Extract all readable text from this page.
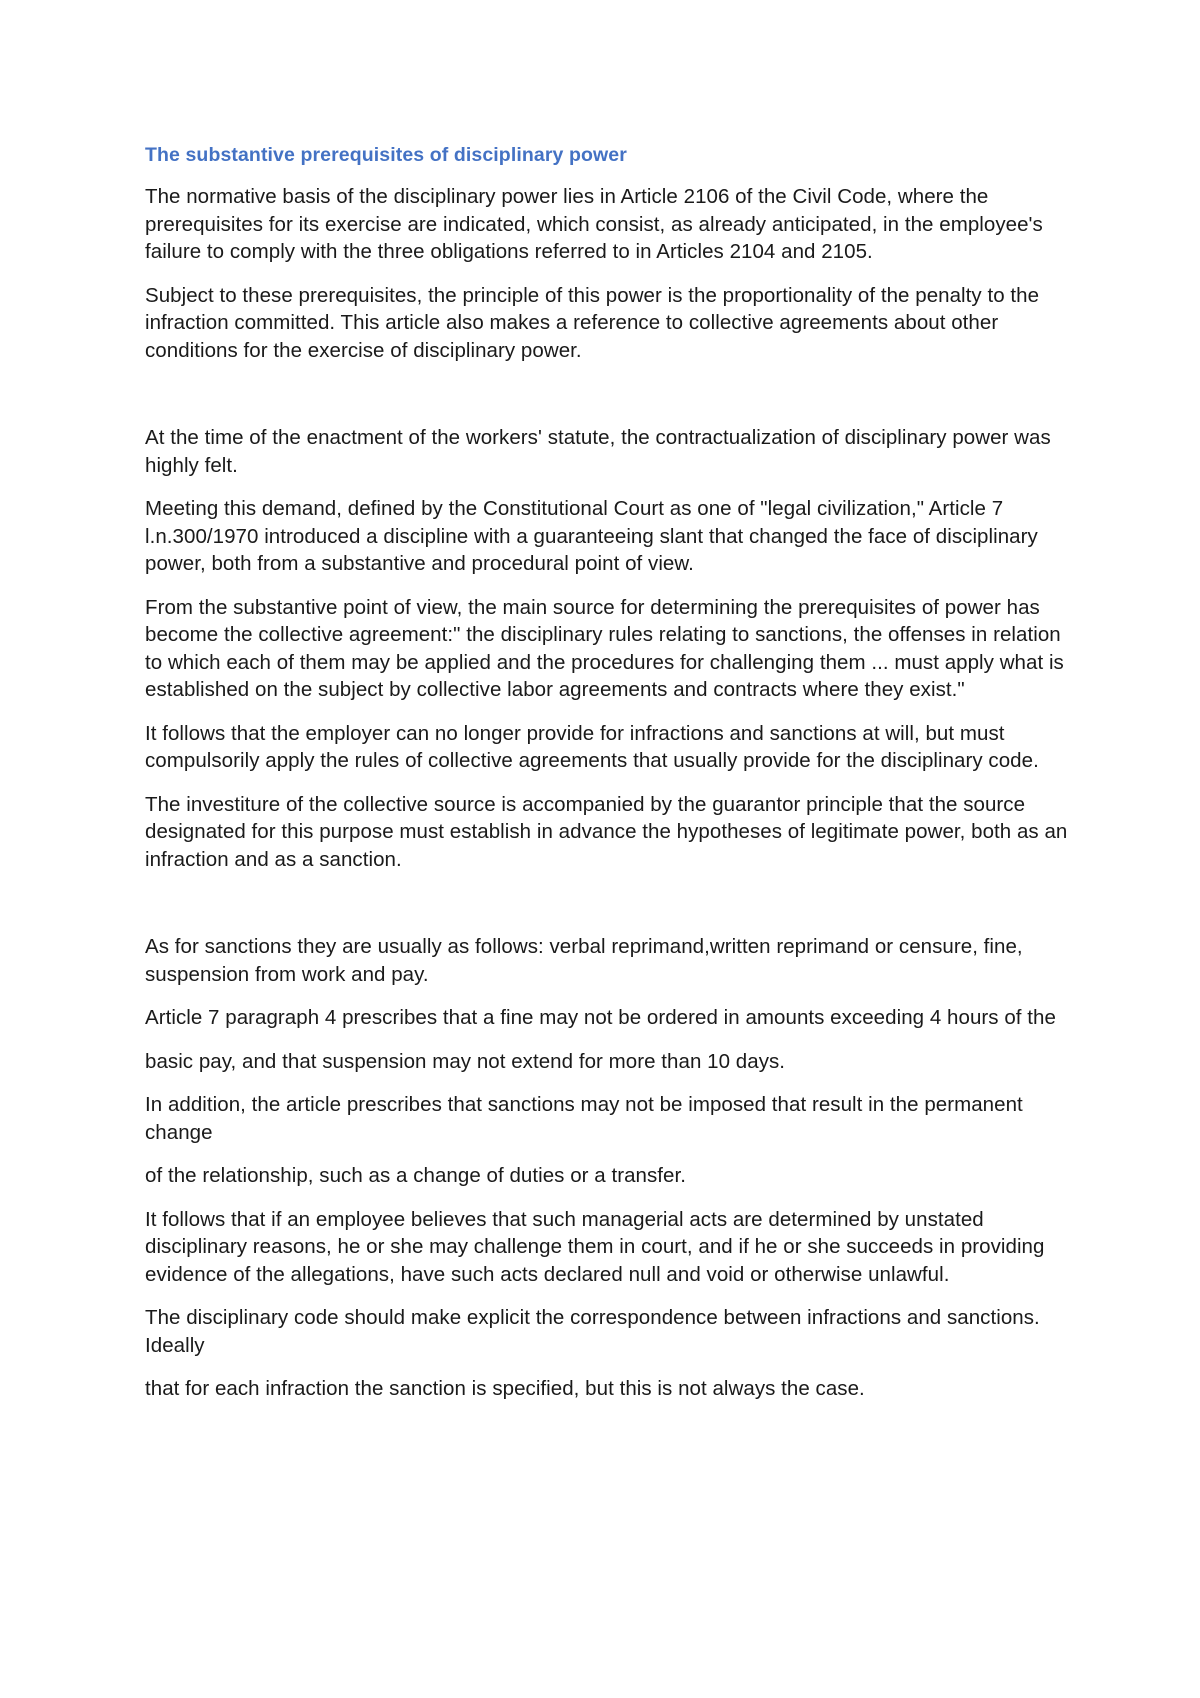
The substantive prerequisites of disciplinary power

The normative basis of the disciplinary power lies in Article 2106 of the Civil Code, where the prerequisites for its exercise are indicated, which consist, as already anticipated, in the employee's failure to comply with the three obligations referred to in Articles 2104 and 2105.

Subject to these prerequisites, the principle of this power is the proportionality of the penalty to the infraction committed. This article also makes a reference to collective agreements about other conditions for the exercise of disciplinary power.

At the time of the enactment of the workers' statute, the contractualization of disciplinary power was highly felt.

Meeting this demand, defined by the Constitutional Court as one of "legal civilization," Article 7 l.n.300/1970 introduced a discipline with a guaranteeing slant that changed the face of disciplinary power, both from a substantive and procedural point of view.

From the substantive point of view, the main source for determining the prerequisites of power has become the collective agreement:" the disciplinary rules relating to sanctions, the offenses in relation to which each of them may be applied and the procedures for challenging them ... must apply what is established on the subject by collective labor agreements and contracts where they exist."

It follows that the employer can no longer provide for infractions and sanctions at will, but must compulsorily apply the rules of collective agreements that usually provide for the disciplinary code.

The investiture of the collective source is accompanied by the guarantor principle that the source designated for this purpose must establish in advance the hypotheses of legitimate power, both as an infraction and as a sanction.

As for sanctions they are usually as follows: verbal reprimand,written reprimand or censure, fine, suspension from work and pay.

Article 7 paragraph 4 prescribes that a fine may not be ordered in amounts exceeding 4 hours of the

basic pay, and that suspension may not extend for more than 10 days.

In addition, the article prescribes that sanctions may not be imposed that result in the permanent change

of the relationship, such as a change of duties or a transfer.

It follows that if an employee believes that such managerial acts are determined by unstated disciplinary reasons, he or she may challenge them in court, and if he or she succeeds in providing evidence of the allegations, have such acts declared null and void or otherwise unlawful.

The disciplinary code should make explicit the correspondence between infractions and sanctions. Ideally

that for each infraction the sanction is specified, but this is not always the case.
